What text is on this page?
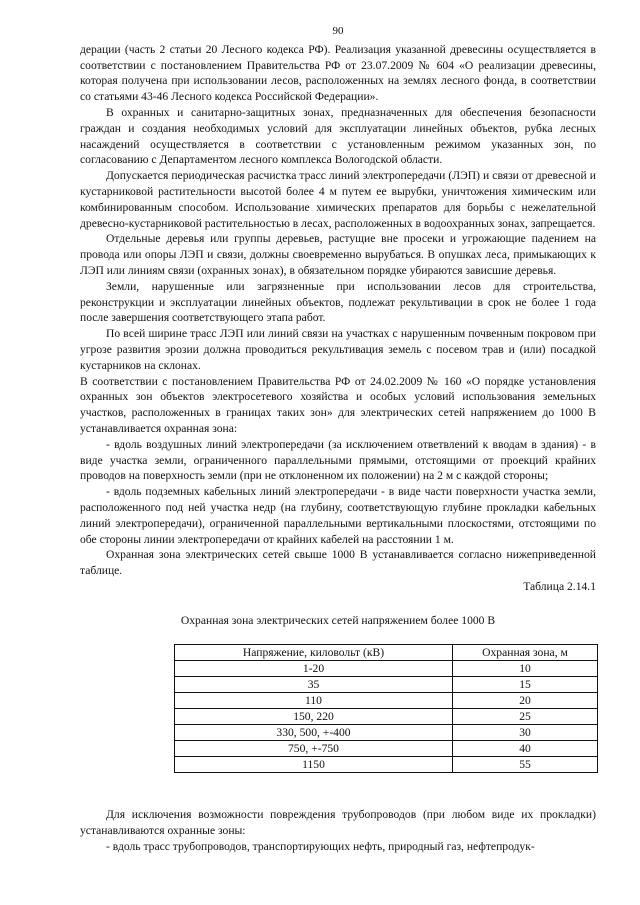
90

дерации (часть 2 статьи 20 Лесного кодекса РФ). Реализация указанной древесины осуществляется в соответствии с постановлением Правительства РФ от 23.07.2009 № 604 «О реализации древесины, которая получена при использовании лесов, расположенных на землях лесного фонда, в соответствии со статьями 43-46 Лесного кодекса Российской Федерации».

В охранных и санитарно-защитных зонах, предназначенных для обеспечения безопасности граждан и создания необходимых условий для эксплуатации линейных объектов, рубка лесных насаждений осуществляется в соответствии с установленным режимом указанных зон, по согласованию с Департаментом лесного комплекса Вологодской области.

Допускается периодическая расчистка трасс линий электропередачи (ЛЭП) и связи от древесной и кустарниковой растительности высотой более 4 м путем ее вырубки, уничтожения химическим или комбинированным способом. Использование химических препаратов для борьбы с нежелательной древесно-кустарниковой растительностью в лесах, расположенных в водоохранных зонах, запрещается.

Отдельные деревья или группы деревьев, растущие вне просеки и угрожающие падением на провода или опоры ЛЭП и связи, должны своевременно вырубаться. В опушках леса, примыкающих к ЛЭП или линиям связи (охранных зонах), в обязательном порядке убираются зависшие деревья.

Земли, нарушенные или загрязненные при использовании лесов для строительства, реконструкции и эксплуатации линейных объектов, подлежат рекультивации в срок не более 1 года после завершения соответствующего этапа работ.

По всей ширине трасс ЛЭП или линий связи на участках с нарушенным почвенным покровом при угрозе развития эрозии должна проводиться рекультивация земель с посевом трав и (или) посадкой кустарников на склонах.

В соответствии с постановлением Правительства РФ от 24.02.2009 № 160 «О порядке установления охранных зон объектов электросетевого хозяйства и особых условий использования земельных участков, расположенных в границах таких зон» для электрических сетей напряжением до 1000 В устанавливается охранная зона:

- вдоль воздушных линий электропередачи (за исключением ответвлений к вводам в здания) - в виде участка земли, ограниченного параллельными прямыми, отстоящими от проекций крайних проводов на поверхность земли (при не отклоненном их положении) на 2 м с каждой стороны;

- вдоль подземных кабельных линий электропередачи - в виде части поверхности участка земли, расположенного под ней участка недр (на глубину, соответствующую глубине прокладки кабельных линий электропередачи), ограниченной параллельными вертикальными плоскостями, отстоящими по обе стороны линии электропередачи от крайних кабелей на расстоянии 1 м.

Охранная зона электрических сетей свыше 1000 В устанавливается согласно нижеприведенной таблице.

Таблица 2.14.1

Охранная зона электрических сетей напряжением более 1000 В

Напряжение, киловольт (кВ)	Охранная зона, м
1-20	10
35	15
110	20
150, 220	25
330, 500, +-400	30
750, +-750	40
1150	55

Для исключения возможности повреждения трубопроводов (при любом виде их прокладки) устанавливаются охранные зоны:

- вдоль трасс трубопроводов, транспортирующих нефть, природный газ, нефтепродук-
